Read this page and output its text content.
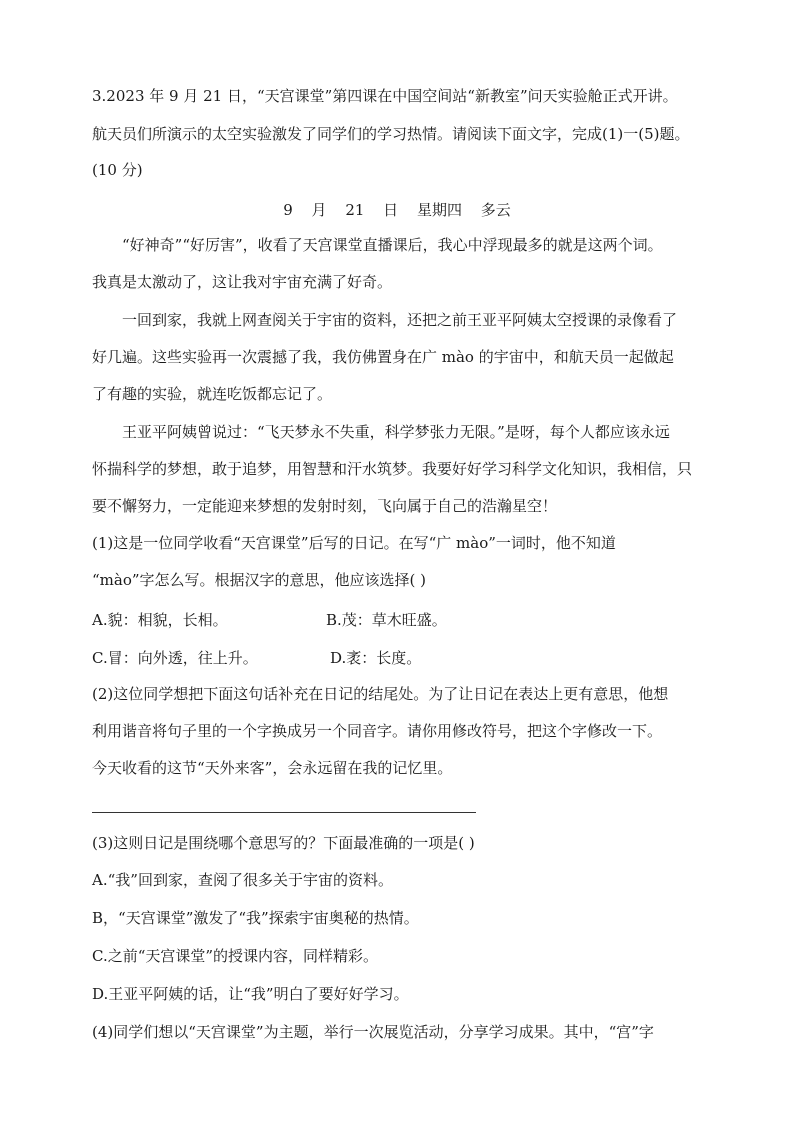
3.2023 年 9 月 21 日，“天宫课堂”第四课在中国空间站“新教室”问天实验舱正式开讲。
航天员们所演示的太空实验激发了同学们的学习热情。请阅读下面文字，完成(1)一(5)题。
(10 分)
9 月 21 日 星期四 多云
“好神奇”“好厉害”，收看了天宫课堂直播课后，我心中浮现最多的就是这两个词。
我真是太激动了，这让我对宇宙充满了好奇。
一回到家，我就上网查阅关于宇宙的资料，还把之前王亚平阿姨太空授课的录像看了
好几遍。这些实验再一次震撼了我，我仿佛置身在广 mào 的宇宙中，和航天员一起做起
了有趣的实验，就连吃饭都忘记了。
王亚平阿姨曾说过：“飞天梦永不失重，科学梦张力无限。”是呀，每个人都应该永远
怀揣科学的梦想，敢于追梦，用智慧和汗水筑梦。我要好好学习科学文化知识，我相信，只
要不懈努力，一定能迎来梦想的发射时刻，飞向属于自己的浩瀚星空！
(1)这是一位同学收看“天宫课堂”后写的日记。在写“广 mào”一词时，他不知道
“mào”字怎么写。根据汉字的意思，他应该选择( )
A.貌：相貌，长相。	B.茂：草木旺盛。
C.冒：向外透，往上升。	D.袤：长度。
(2)这位同学想把下面这句话补充在日记的结尾处。为了让日记在表达上更有意思，他想
利用谐音将句子里的一个字换成另一个同音字。请你用修改符号，把这个字修改一下。
今天收看的这节“天外来客”，会永远留在我的记忆里。
(3)这则日记是围绕哪个意思写的？下面最准确的一项是( )
A.“我”回到家，查阅了很多关于宇宙的资料。
B，“天宫课堂”激发了“我”探索宇宙奥秘的热情。
C.之前“天宫课堂”的授课内容，同样精彩。
D.王亚平阿姨的话，让“我”明白了要好好学习。
(4)同学们想以“天宫课堂”为主题，举行一次展览活动，分享学习成果。其中，“宫”字
